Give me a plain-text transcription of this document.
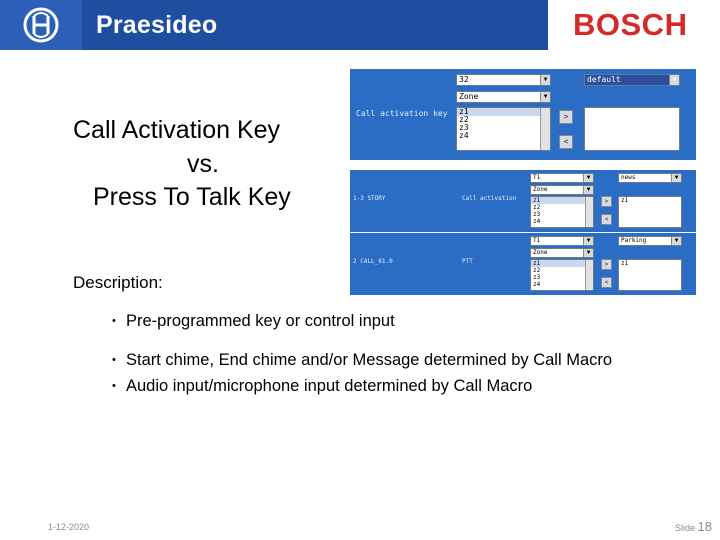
Praesideo	BOSCH
Call Activation Key
vs.
Press To Talk Key
Call activation key
32	▼	default	▼
Zone	▼
z1
z2
z3
z4
>
<
1-3 STORY	Call activation
T1	▼	news	▼
Zone	▼
z1
z2
z3
z4
>
<
z1
2 CALL_01.0	PTT
T1	▼	Parking	▼
Zone	▼
z1
z2
z3
z4
>
<
z1
Description:
• Pre-programmed key or control input
• Start chime, End chime and/or Message determined by Call Macro
• Audio input/microphone input determined by Call Macro
1-12-2020	Slide 18
